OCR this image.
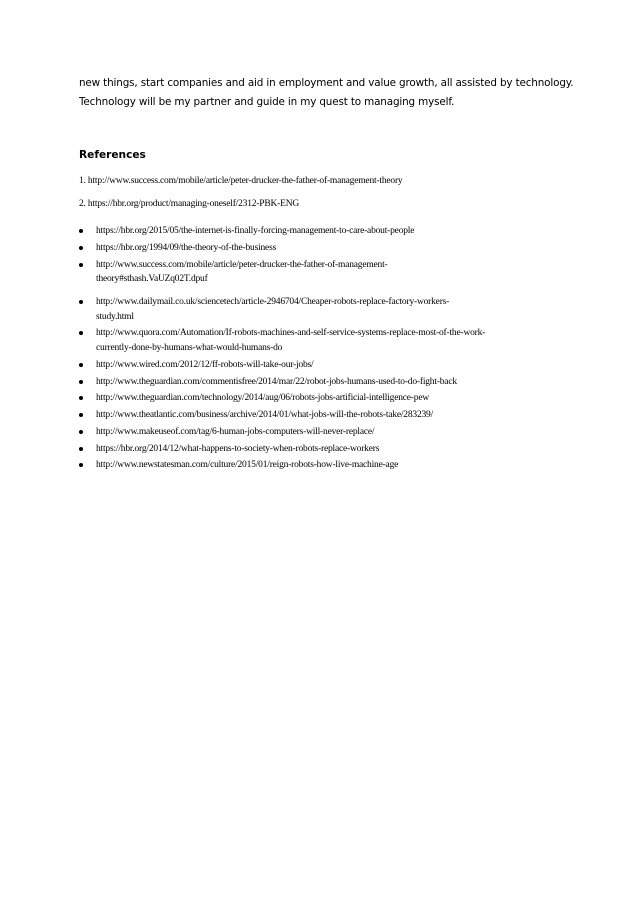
new things, start companies and aid in employment and value growth, all assisted by technology.

Technology will be my partner and guide in my quest to managing myself.

References
1. http://www.success.com/mobile/article/peter-drucker-the-father-of-management-theory
2. https://hbr.org/product/managing-oneself/2312-PBK-ENG
https://hbr.org/2015/05/the-internet-is-finally-forcing-management-to-care-about-people
https://hbr.org/1994/09/the-theory-of-the-business
http://www.success.com/mobile/article/peter-drucker-the-father-of-management-
theory#sthash.VaUZq02T.dpuf
http://www.dailymail.co.uk/sciencetech/article-2946704/Cheaper-robots-replace-factory-workers-
study.html
http://www.quora.com/Automation/If-robots-machines-and-self-service-systems-replace-most-of-the-work-
currently-done-by-humans-what-would-humans-do
http://www.wired.com/2012/12/ff-robots-will-take-our-jobs/
http://www.theguardian.com/commentisfree/2014/mar/22/robot-jobs-humans-used-to-do-fight-back
http://www.theguardian.com/technology/2014/aug/06/robots-jobs-artificial-intelligence-pew
http://www.theatlantic.com/business/archive/2014/01/what-jobs-will-the-robots-take/283239/
http://www.makeuseof.com/tag/6-human-jobs-computers-will-never-replace/
https://hbr.org/2014/12/what-happens-to-society-when-robots-replace-workers
http://www.newstatesman.com/culture/2015/01/reign-robots-how-live-machine-age
